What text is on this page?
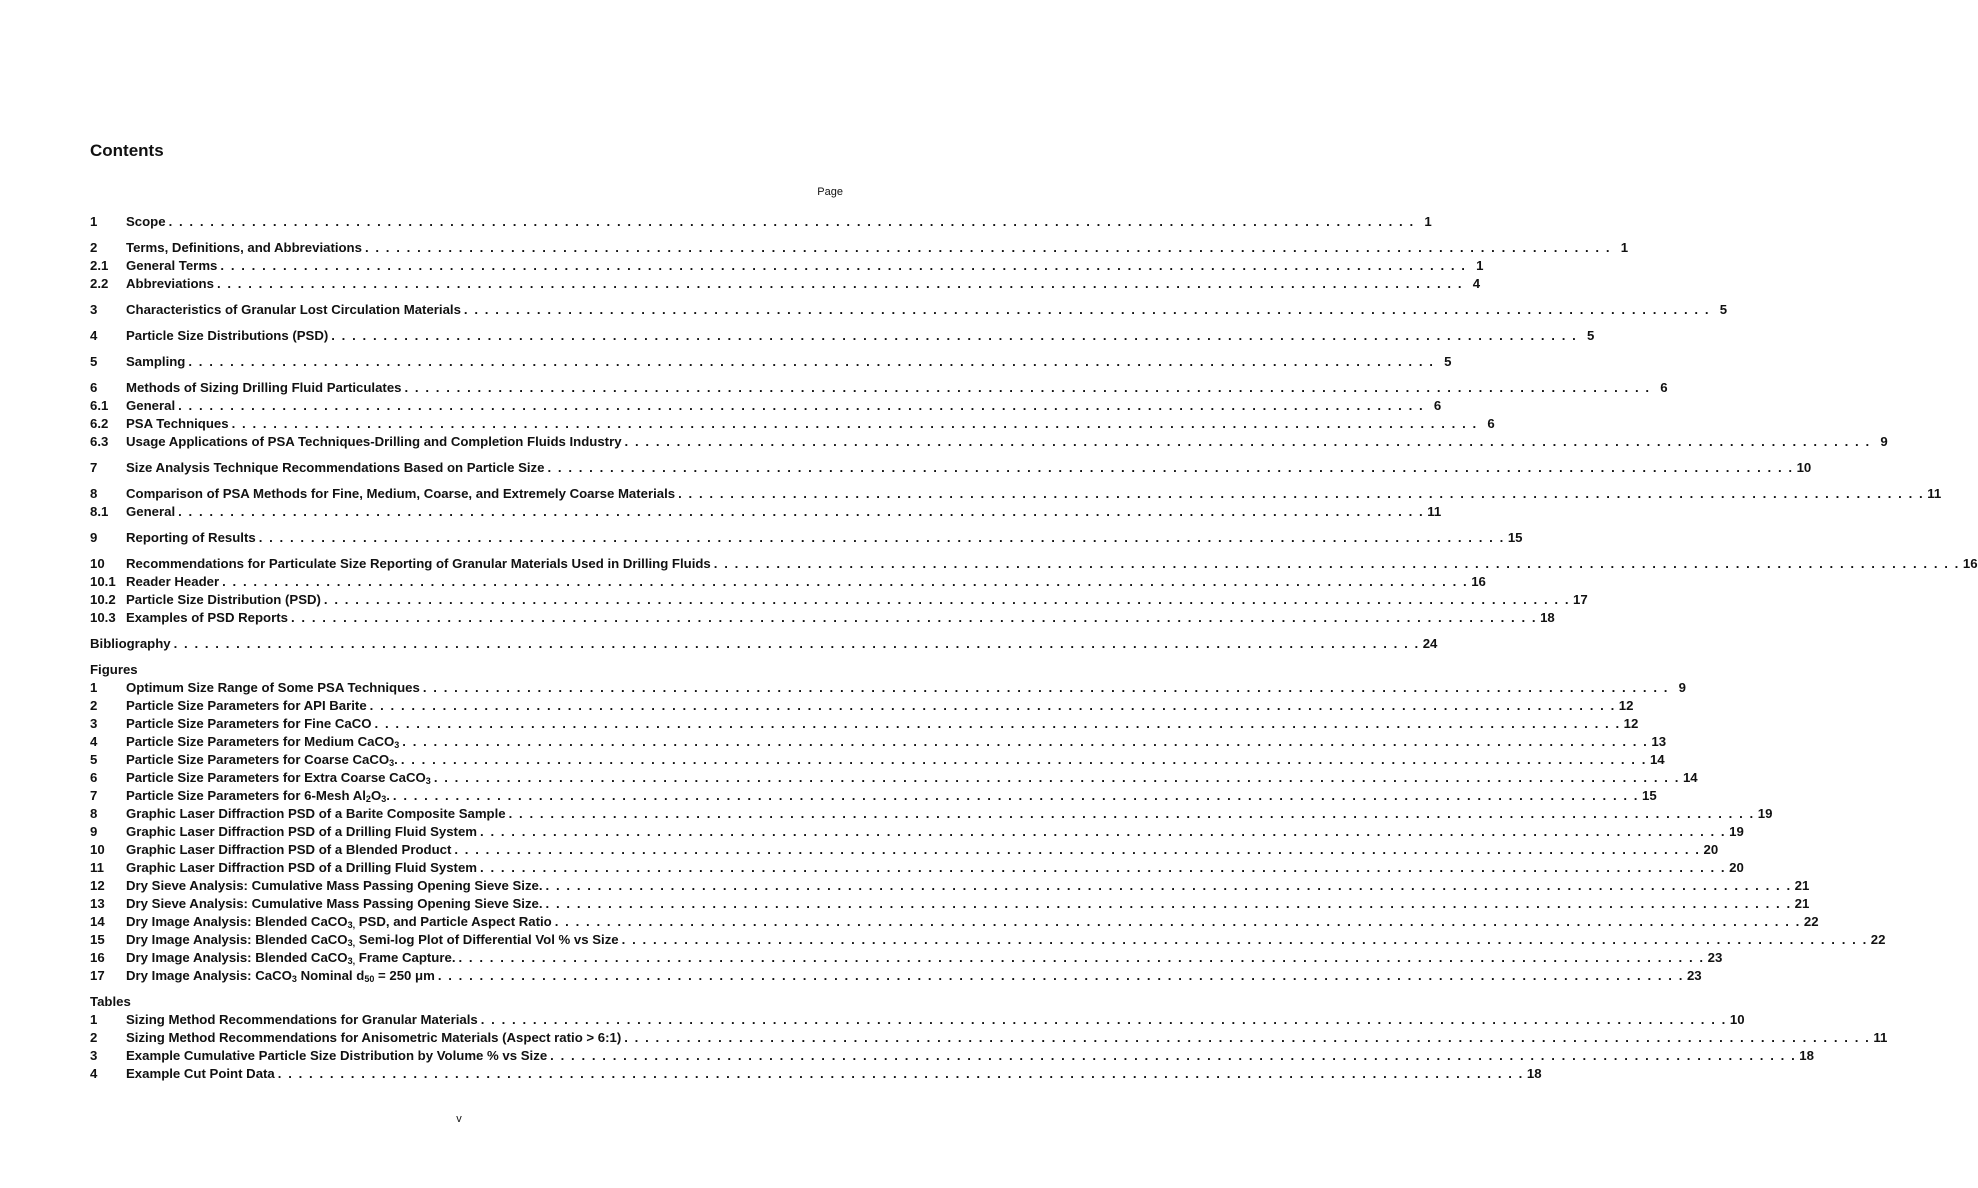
Contents
Page
1	Scope . . . . . . . . . . . . . . . . . . . . . . . . . . . . . . . . . . . . . . . . . . . . . . . . . . . . . . . . . . . . . . . . . . . . . . . . . . . . . . . . . . . . . . . . . . . . . . . . . . . . . . . . . . . . . . . . . . . . . . . . 1
2	Terms, Definitions, and Abbreviations . . . . . . . . . . . . . . . . . . . . . . . . . . . . . . . . . . . . . . . . . . . . . . . . . . . . . . . . . . . . . . . . . . . . . . . . . . . . . . . . . . . . . . . . . . . . . . . . . . . . . . . . . . . . . . . . . . . . . . . . 1
2.1	General Terms . . . . . . . . . . . . . . . . . . . . . . . . . . . . . . . . . . . . . . . . . . . . . . . . . . . . . . . . . . . . . . . . . . . . . . . . . . . . . . . . . . . . . . . . . . . . . . . . . . . . . . . . . . . . . . . . . . . . . . . . 1
2.2	Abbreviations . . . . . . . . . . . . . . . . . . . . . . . . . . . . . . . . . . . . . . . . . . . . . . . . . . . . . . . . . . . . . . . . . . . . . . . . . . . . . . . . . . . . . . . . . . . . . . . . . . . . . . . . . . . . . . . . . . . . . . . . 4
3	Characteristics of Granular Lost Circulation Materials . . . . . . . . . . . . . . . . . . . . . . . . . . . . . . . . . . . . . . . . . . . . . . . . . . . . . . . . . . . . . . . . . . . . . . . . . . . . . . . . . . . . . . . . . . . . . . . . . . . . . . . . . . . . . . . . . . . . . . . . 5
4	Particle Size Distributions (PSD) . . . . . . . . . . . . . . . . . . . . . . . . . . . . . . . . . . . . . . . . . . . . . . . . . . . . . . . . . . . . . . . . . . . . . . . . . . . . . . . . . . . . . . . . . . . . . . . . . . . . . . . . . . . . . . . . . . . . . . . . 5
5	Sampling . . . . . . . . . . . . . . . . . . . . . . . . . . . . . . . . . . . . . . . . . . . . . . . . . . . . . . . . . . . . . . . . . . . . . . . . . . . . . . . . . . . . . . . . . . . . . . . . . . . . . . . . . . . . . . . . . . . . . . . . 5
6	Methods of Sizing Drilling Fluid Particulates . . . . . . . . . . . . . . . . . . . . . . . . . . . . . . . . . . . . . . . . . . . . . . . . . . . . . . . . . . . . . . . . . . . . . . . . . . . . . . . . . . . . . . . . . . . . . . . . . . . . . . . . . . . . . . . . . . . . . . . . 6
6.1	General . . . . . . . . . . . . . . . . . . . . . . . . . . . . . . . . . . . . . . . . . . . . . . . . . . . . . . . . . . . . . . . . . . . . . . . . . . . . . . . . . . . . . . . . . . . . . . . . . . . . . . . . . . . . . . . . . . . . . . . . 6
6.2	PSA Techniques . . . . . . . . . . . . . . . . . . . . . . . . . . . . . . . . . . . . . . . . . . . . . . . . . . . . . . . . . . . . . . . . . . . . . . . . . . . . . . . . . . . . . . . . . . . . . . . . . . . . . . . . . . . . . . . . . . . . . . . . 6
6.3	Usage Applications of PSA Techniques-Drilling and Completion Fluids Industry . . . . . . . . . . . . . . . . . . . . . . . . . . . . . . . . . . . . . . . . . . . . . . . . . . . . . . . . . . . . . . . . . . . . . . . . . . . . . . . . . . . . . . . . . . . . . . . . . . . . . . . . . . . . . . . . . . . . . . . . 9
7	Size Analysis Technique Recommendations Based on Particle Size . . . . . . . . . . . . . . . . . . . . . . . . . . . . . . . . . . . . . . . . . . . . . . . . . . . . . . . . . . . . . . . . . . . . . . . . . . . . . . . . . . . . . . . . . . . . . . . . . . . . . . . . . . . . . . . . . . . . . . . . 10
8	Comparison of PSA Methods for Fine, Medium, Coarse, and Extremely Coarse Materials . . . . . . . . . . . . . . . . . . . . . . . . . . . . . . . . . . . . . . . . . . . . . . . . . . . . . . . . . . . . . . . . . . . . . . . . . . . . . . . . . . . . . . . . . . . . . . . . . . . . . . . . . . . . . . . . . . . . . . . . 11
8.1	General . . . . . . . . . . . . . . . . . . . . . . . . . . . . . . . . . . . . . . . . . . . . . . . . . . . . . . . . . . . . . . . . . . . . . . . . . . . . . . . . . . . . . . . . . . . . . . . . . . . . . . . . . . . . . . . . . . . . . . . . 11
9	Reporting of Results . . . . . . . . . . . . . . . . . . . . . . . . . . . . . . . . . . . . . . . . . . . . . . . . . . . . . . . . . . . . . . . . . . . . . . . . . . . . . . . . . . . . . . . . . . . . . . . . . . . . . . . . . . . . . . . . . . . . . . . . 15
10	Recommendations for Particulate Size Reporting of Granular Materials Used in Drilling Fluids . . . . . . . . . . . . . . . . . . . . . . . . . . . . . . . . . . . . . . . . . . . . . . . . . . . . . . . . . . . . . . . . . . . . . . . . . . . . . . . . . . . . . . . . . . . . . . . . . . . . . . . . . . . . . . . . . . . . . . . . 16
10.1 Reader Header . . . . . . . . . . . . . . . . . . . . . . . . . . . . . . . . . . . . . . . . . . . . . . . . . . . . . . . . . . . . . . . . . . . . . . . . . . . . . . . . . . . . . . . . . . . . . . . . . . . . . . . . . . . . . . . . . . . . . . . . 16
10.2 Particle Size Distribution (PSD) . . . . . . . . . . . . . . . . . . . . . . . . . . . . . . . . . . . . . . . . . . . . . . . . . . . . . . . . . . . . . . . . . . . . . . . . . . . . . . . . . . . . . . . . . . . . . . . . . . . . . . . . . . . . . . . . . . . . . . . . 17
10.3 Examples of PSD Reports . . . . . . . . . . . . . . . . . . . . . . . . . . . . . . . . . . . . . . . . . . . . . . . . . . . . . . . . . . . . . . . . . . . . . . . . . . . . . . . . . . . . . . . . . . . . . . . . . . . . . . . . . . . . . . . . . . . . . . . . 18
Bibliography . . . . . . . . . . . . . . . . . . . . . . . . . . . . . . . . . . . . . . . . . . . . . . . . . . . . . . . . . . . . . . . . . . . . . . . . . . . . . . . . . . . . . . . . . . . . . . . . . . . . . . . . . . . . . . . . . . . . . . . . 24
Figures
1	Optimum Size Range of Some PSA Techniques . . . . . . . . . . . . . . . . . . . . . . . . . . . . . . . . . . . . . . . . . . . . . . . . . . . . . . . . . . . . . . . . . . . . . . . . . . . . . . . . . . . . . . . . . . . . . . . . . . . . . . . . . . . . . . . . . . . . . . . . 9
2	Particle Size Parameters for API Barite . . . . . . . . . . . . . . . . . . . . . . . . . . . . . . . . . . . . . . . . . . . . . . . . . . . . . . . . . . . . . . . . . . . . . . . . . . . . . . . . . . . . . . . . . . . . . . . . . . . . . . . . . . . . . . . . . . . . . . . . 12
3	Particle Size Parameters for Fine CaCO . . . . . . . . . . . . . . . . . . . . . . . . . . . . . . . . . . . . . . . . . . . . . . . . . . . . . . . . . . . . . . . . . . . . . . . . . . . . . . . . . . . . . . . . . . . . . . . . . . . . . . . . . . . . . . . . . . . . . . . . 12
4	Particle Size Parameters for Medium CaCO$_3$ . . . . . . . . . . . . . . . . . . . . . . . . . . . . . . . . . . . . . . . . . . . . . . . . . . . . . . . . . . . . . . . . . . . . . . . . . . . . . . . . . . . . . . . . . . . . . . . . . . . . . . . . . . . . . . . . . . . . . . . . 13
5	Particle Size Parameters for Coarse CaCO$_3$. . . . . . . . . . . . . . . . . . . . . . . . . . . . . . . . . . . . . . . . . . . . . . . . . . . . . . . . . . . . . . . . . . . . . . . . . . . . . . . . . . . . . . . . . . . . . . . . . . . . . . . . . . . . . . . . . . . . . . . . . 14
6	Particle Size Parameters for Extra Coarse CaCO$_3$ . . . . . . . . . . . . . . . . . . . . . . . . . . . . . . . . . . . . . . . . . . . . . . . . . . . . . . . . . . . . . . . . . . . . . . . . . . . . . . . . . . . . . . . . . . . . . . . . . . . . . . . . . . . . . . . . . . . . . . . . 14
7	Particle Size Parameters for 6-Mesh $Al_2O_3$. . . . . . . . . . . . . . . . . . . . . . . . . . . . . . . . . . . . . . . . . . . . . . . . . . . . . . . . . . . . . . . . . . . . . . . . . . . . . . . . . . . . . . . . . . . . . . . . . . . . . . . . . . . . . . . . . . . . . . . . . 15
8	Graphic Laser Diffraction PSD of a Barite Composite Sample . . . . . . . . . . . . . . . . . . . . . . . . . . . . . . . . . . . . . . . . . . . . . . . . . . . . . . . . . . . . . . . . . . . . . . . . . . . . . . . . . . . . . . . . . . . . . . . . . . . . . . . . . . . . . . . . . . . . . . . . 19
9	Graphic Laser Diffraction PSD of a Drilling Fluid System . . . . . . . . . . . . . . . . . . . . . . . . . . . . . . . . . . . . . . . . . . . . . . . . . . . . . . . . . . . . . . . . . . . . . . . . . . . . . . . . . . . . . . . . . . . . . . . . . . . . . . . . . . . . . . . . . . . . . . . . 19
10	Graphic Laser Diffraction PSD of a Blended Product . . . . . . . . . . . . . . . . . . . . . . . . . . . . . . . . . . . . . . . . . . . . . . . . . . . . . . . . . . . . . . . . . . . . . . . . . . . . . . . . . . . . . . . . . . . . . . . . . . . . . . . . . . . . . . . . . . . . . . . . 20
11	Graphic Laser Diffraction PSD of a Drilling Fluid System . . . . . . . . . . . . . . . . . . . . . . . . . . . . . . . . . . . . . . . . . . . . . . . . . . . . . . . . . . . . . . . . . . . . . . . . . . . . . . . . . . . . . . . . . . . . . . . . . . . . . . . . . . . . . . . . . . . . . . . . 20
12	Dry Sieve Analysis: Cumulative Mass Passing Opening Sieve Size. . . . . . . . . . . . . . . . . . . . . . . . . . . . . . . . . . . . . . . . . . . . . . . . . . . . . . . . . . . . . . . . . . . . . . . . . . . . . . . . . . . . . . . . . . . . . . . . . . . . . . . . . . . . . . . . . . . . . . . . . 21
13	Dry Sieve Analysis: Cumulative Mass Passing Opening Sieve Size. . . . . . . . . . . . . . . . . . . . . . . . . . . . . . . . . . . . . . . . . . . . . . . . . . . . . . . . . . . . . . . . . . . . . . . . . . . . . . . . . . . . . . . . . . . . . . . . . . . . . . . . . . . . . . . . . . . . . . . . . 21
14	Dry Image Analysis: Blended CaCO$_{3,}$ PSD, and Particle Aspect Ratio . . . . . . . . . . . . . . . . . . . . . . . . . . . . . . . . . . . . . . . . . . . . . . . . . . . . . . . . . . . . . . . . . . . . . . . . . . . . . . . . . . . . . . . . . . . . . . . . . . . . . . . . . . . . . . . . . . . . . . . . 22
15	Dry Image Analysis: Blended CaCO$_{3,}$ Semi-log Plot of Differential Vol % vs Size . . . . . . . . . . . . . . . . . . . . . . . . . . . . . . . . . . . . . . . . . . . . . . . . . . . . . . . . . . . . . . . . . . . . . . . . . . . . . . . . . . . . . . . . . . . . . . . . . . . . . . . . . . . . . . . . . . . . . . . . 22
16	Dry Image Analysis: Blended CaCO$_{3,}$ Frame Capture. . . . . . . . . . . . . . . . . . . . . . . . . . . . . . . . . . . . . . . . . . . . . . . . . . . . . . . . . . . . . . . . . . . . . . . . . . . . . . . . . . . . . . . . . . . . . . . . . . . . . . . . . . . . . . . . . . . . . . . . . 23
17	Dry Image Analysis: CaCO$_3$ Nominal $d_{50} = 250$ μm . . . . . . . . . . . . . . . . . . . . . . . . . . . . . . . . . . . . . . . . . . . . . . . . . . . . . . . . . . . . . . . . . . . . . . . . . . . . . . . . . . . . . . . . . . . . . . . . . . . . . . . . . . . . . . . . . . . . . . . . 23
Tables
1	Sizing Method Recommendations for Granular Materials . . . . . . . . . . . . . . . . . . . . . . . . . . . . . . . . . . . . . . . . . . . . . . . . . . . . . . . . . . . . . . . . . . . . . . . . . . . . . . . . . . . . . . . . . . . . . . . . . . . . . . . . . . . . . . . . . . . . . . . . 10
2	Sizing Method Recommendations for Anisometric Materials (Aspect ratio > 6:1) . . . . . . . . . . . . . . . . . . . . . . . . . . . . . . . . . . . . . . . . . . . . . . . . . . . . . . . . . . . . . . . . . . . . . . . . . . . . . . . . . . . . . . . . . . . . . . . . . . . . . . . . . . . . . . . . . . . . . . . . 11
3	Example Cumulative Particle Size Distribution by Volume % vs Size . . . . . . . . . . . . . . . . . . . . . . . . . . . . . . . . . . . . . . . . . . . . . . . . . . . . . . . . . . . . . . . . . . . . . . . . . . . . . . . . . . . . . . . . . . . . . . . . . . . . . . . . . . . . . . . . . . . . . . . . 18
4	Example Cut Point Data . . . . . . . . . . . . . . . . . . . . . . . . . . . . . . . . . . . . . . . . . . . . . . . . . . . . . . . . . . . . . . . . . . . . . . . . . . . . . . . . . . . . . . . . . . . . . . . . . . . . . . . . . . . . . . . . . . . . . . . . 18
v
